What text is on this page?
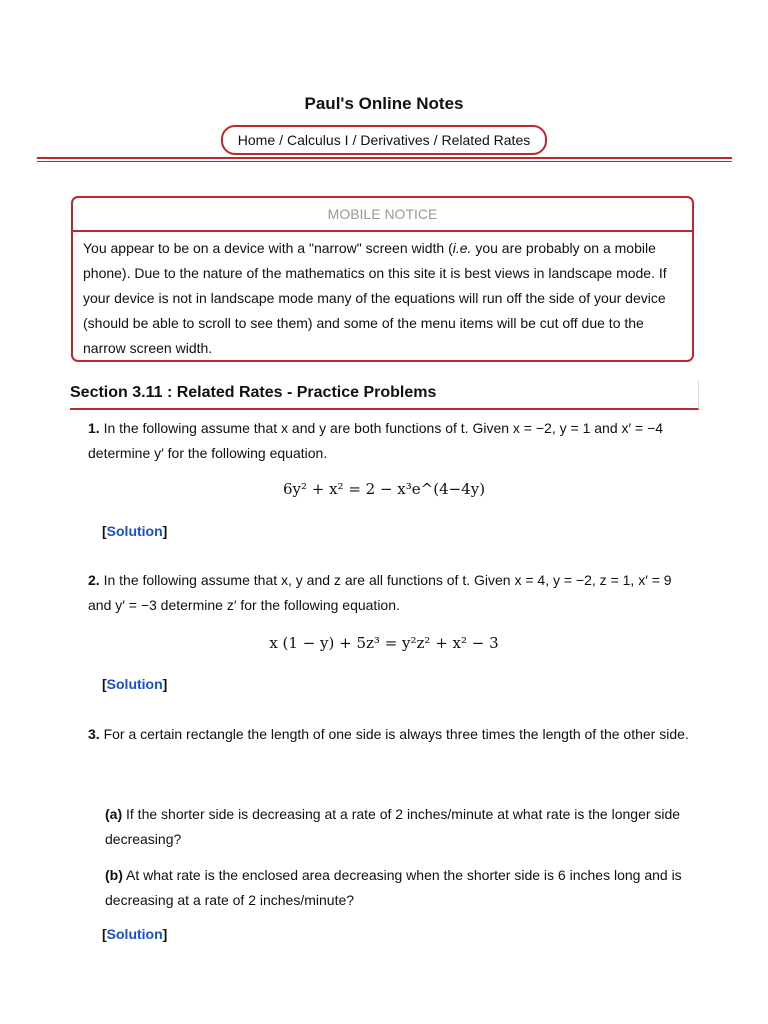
Paul's Online Notes
Home / Calculus I / Derivatives / Related Rates
MOBILE NOTICE
You appear to be on a device with a "narrow" screen width (i.e. you are probably on a mobile phone). Due to the nature of the mathematics on this site it is best views in landscape mode. If your device is not in landscape mode many of the equations will run off the side of your device (should be able to scroll to see them) and some of the menu items will be cut off due to the narrow screen width.
Section 3.11 : Related Rates - Practice Problems
1. In the following assume that x and y are both functions of t. Given x = −2, y = 1 and x′ = −4 determine y′ for the following equation.
6y² + x² = 2 − x³e^(4−4y)
[Solution]
2. In the following assume that x, y and z are all functions of t. Given x = 4, y = −2, z = 1, x′ = 9 and y′ = −3 determine z′ for the following equation.
x (1 − y) + 5z³ = y²z² + x² − 3
[Solution]
3. For a certain rectangle the length of one side is always three times the length of the other side.
(a) If the shorter side is decreasing at a rate of 2 inches/minute at what rate is the longer side decreasing?
(b) At what rate is the enclosed area decreasing when the shorter side is 6 inches long and is decreasing at a rate of 2 inches/minute?
[Solution]
